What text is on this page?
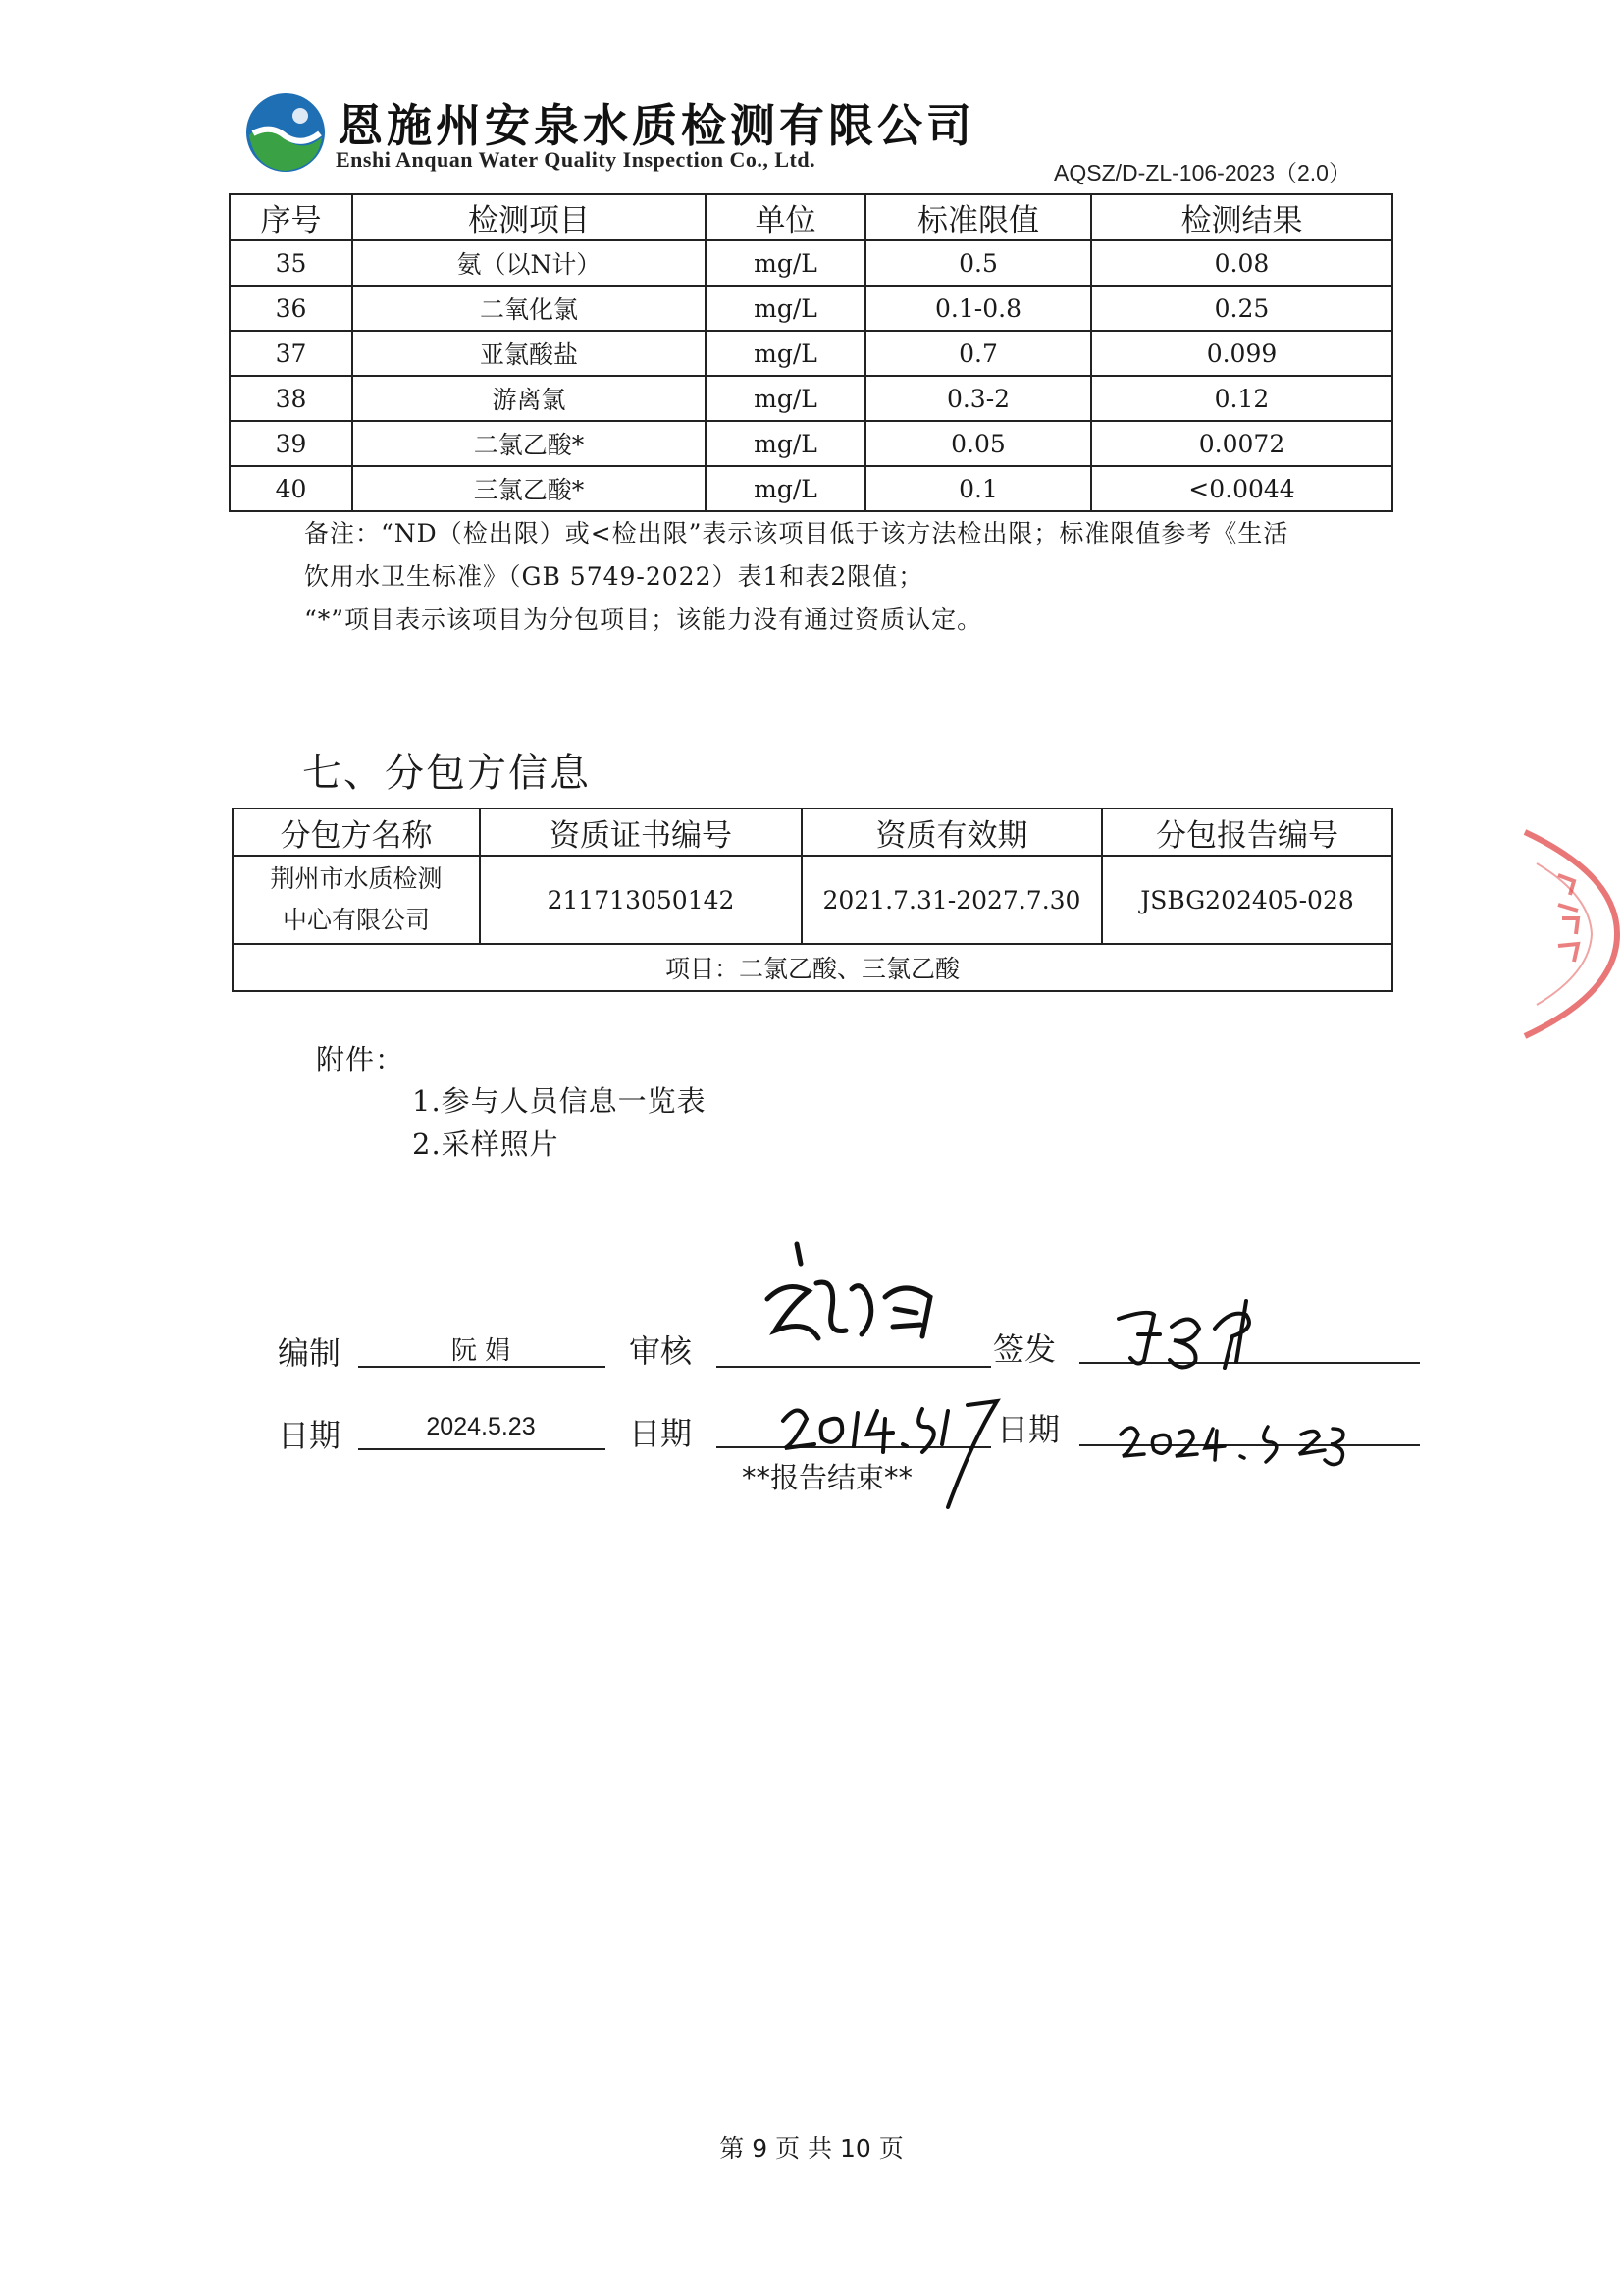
恩施州安泉水质检测有限公司
Enshi Anquan Water Quality Inspection Co., Ltd.
AQSZ/D-ZL-106-2023（2.0）
序号	检测项目	单位	标准限值	检测结果
35	氨（以N计）	mg/L	0.5	0.08
36	二氧化氯	mg/L	0.1-0.8	0.25
37	亚氯酸盐	mg/L	0.7	0.099
38	游离氯	mg/L	0.3-2	0.12
39	二氯乙酸*	mg/L	0.05	0.0072
40	三氯乙酸*	mg/L	0.1	<0.0044
备注：“ND（检出限）或<检出限”表示该项目低于该方法检出限；标准限值参考《生活
饮用水卫生标准》（GB 5749-2022）表1和表2限值；
“*”项目表示该项目为分包项目；该能力没有通过资质认定。
七、分包方信息
分包方名称	资质证书编号	资质有效期	分包报告编号

荆州市水质检测
中心有限公司	211713050142	2021.7.31-2027.7.30	JSBG202405-028
项目：二氯乙酸、三氯乙酸			
附件：
1.参与人员信息一览表
2.采样照片
编制	阮 娟	审核	签发
日期	2024.5.23	日期	日期
**报告结束**
第 9 页 共 10 页
